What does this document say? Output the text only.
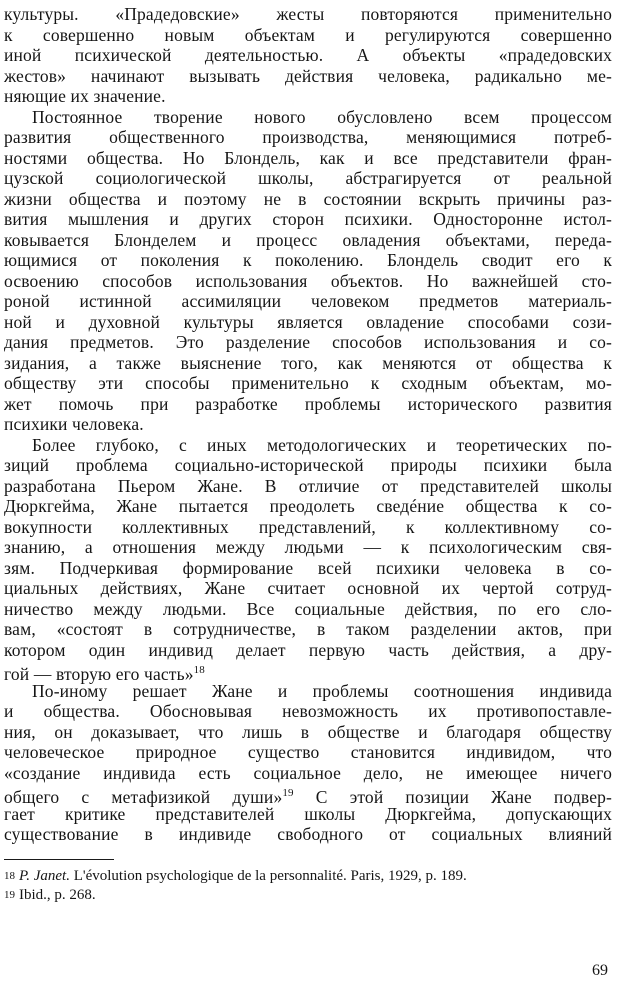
культуры. «Прадедовские» жесты повторяются применительно
к совершенно новым объектам и регулируются совершенно
иной психической деятельностью. А объекты «прадедовских
жестов» начинают вызывать действия человека, радикально ме-
няющие их значение.
Постоянное творение нового обусловлено всем процессом
развития общественного производства, меняющимися потреб-
ностями общества. Но Блондель, как и все представители фран-
цузской социологической школы, абстрагируется от реальной
жизни общества и поэтому не в состоянии вскрыть причины раз-
вития мышления и других сторон психики. Односторонне истол-
ковывается Блонделем и процесс овладения объектами, переда-
ющимися от поколения к поколению. Блондель сводит его к
освоению способов использования объектов. Но важнейшей сто-
роной истинной ассимиляции человеком предметов материаль-
ной и духовной культуры является овладение способами сози-
дания предметов. Это разделение способов использования и со-
зидания, а также выяснение того, как меняются от общества к
обществу эти способы применительно к сходным объектам, мо-
жет помочь при разработке проблемы исторического развития
психики человека.
Более глубоко, с иных методологических и теоретических по-
зиций проблема социально-исторической природы психики была
разработана Пьером Жане. В отличие от представителей школы
Дюркгейма, Жане пытается преодолеть сведéние общества к со-
вокупности коллективных представлений, к коллективному со-
знанию, а отношения между людьми — к психологическим свя-
зям. Подчеркивая формирование всей психики человека в со-
циальных действиях, Жане считает основной их чертой сотруд-
ничество между людьми. Все социальные действия, по его сло-
вам, «состоят в сотрудничестве, в таком разделении актов, при
котором один индивид делает первую часть действия, а дру-
гой — вторую его часть»$^{18}$
По-иному решает Жане и проблемы соотношения индивида
и общества. Обосновывая невозможность их противопоставле-
ния, он доказывает, что лишь в обществе и благодаря обществу
человеческое природное существо становится индивидом, что
«создание индивида есть социальное дело, не имеющее ничего
общего с метафизикой души»$^{19}$ С этой позиции Жане подвер-
гает критике представителей школы Дюркгейма, допускающих
существование в индивиде свободного от социальных влияний
69
$^{18}$ P. Janet. L'évolution psychologique de la personnalité. Paris, 1929, p. 189.
$^{19}$ Ibid., p. 268.
